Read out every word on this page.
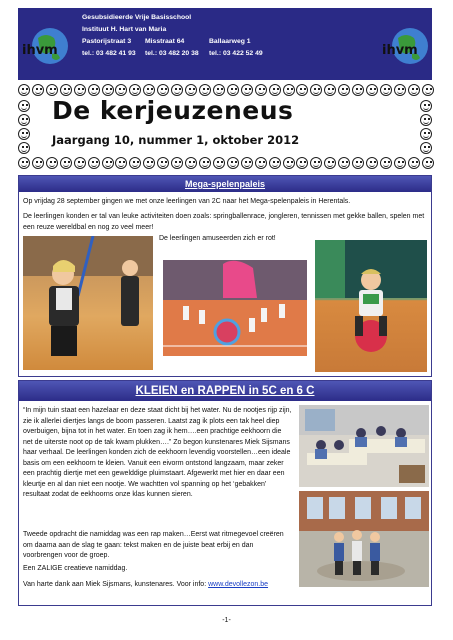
ihvm
Gesubsidieerde Vrije Basisschool
Instituut H. Hart van Maria
Pastorijstraat 3	Misstraat 64	Ballaarweg 1
tel.: 03 482 41 93	tel.: 03 482 20 38	tel.: 03 422 52 49	ihvm
De kerjeuzeneus
Jaargang 10, nummer 1, oktober 2012
Mega-spelenpaleis

Op vrijdag 28 september gingen we met onze leerlingen van 2C naar het Mega-spelenpaleis in Herentals.

De leerlingen konden er tal van leuke activiteiten doen zoals: springballenrace, jongleren, tennissen met gekke ballen, spelen met een reuze wereldbal en nog zo veel meer!

De leerlingen amuseerden zich er rot!

KLEIEN en RAPPEN in 5C en 6 C

“In mijn tuin staat een hazelaar en deze staat dicht bij het water. Nu de nootjes rijp zijn, zie ik allerlei diertjes langs de boom passeren. Laatst zag ik plots een tak heel diep overbuigen, bijna tot in het water. En toen zag ik hem….een prachtige eekhoorn die net de uiterste noot op de tak kwam plukken….” Zo begon kunstenares Miek Sijsmans haar verhaal. De leerlingen konden zich de eekhoorn levendig voorstellen…een ideale basis om een eekhoorn te kleien. Vanuit een eivorm ontstond langzaam, maar zeker een prachtig diertje met een gewelddige pluimstaart. Afgewerkt met hier en daar een kleurtje en al dan niet een nootje. We wachtten vol spanning op het ‘gebakken’ resultaat zodat de eekhoorns onze klas kunnen sieren.

Tweede opdracht die namiddag was een rap maken…Eerst wat ritmegevoel creëren om daarna aan de slag te gaan: tekst maken en de juiste beat erbij en dan voorbrengen voor de groep.

Een ZALIGE creatieve namiddag.

Van harte dank aan Miek Sijsmans, kunstenares. Voor info: www.devollezon.be

-1-
